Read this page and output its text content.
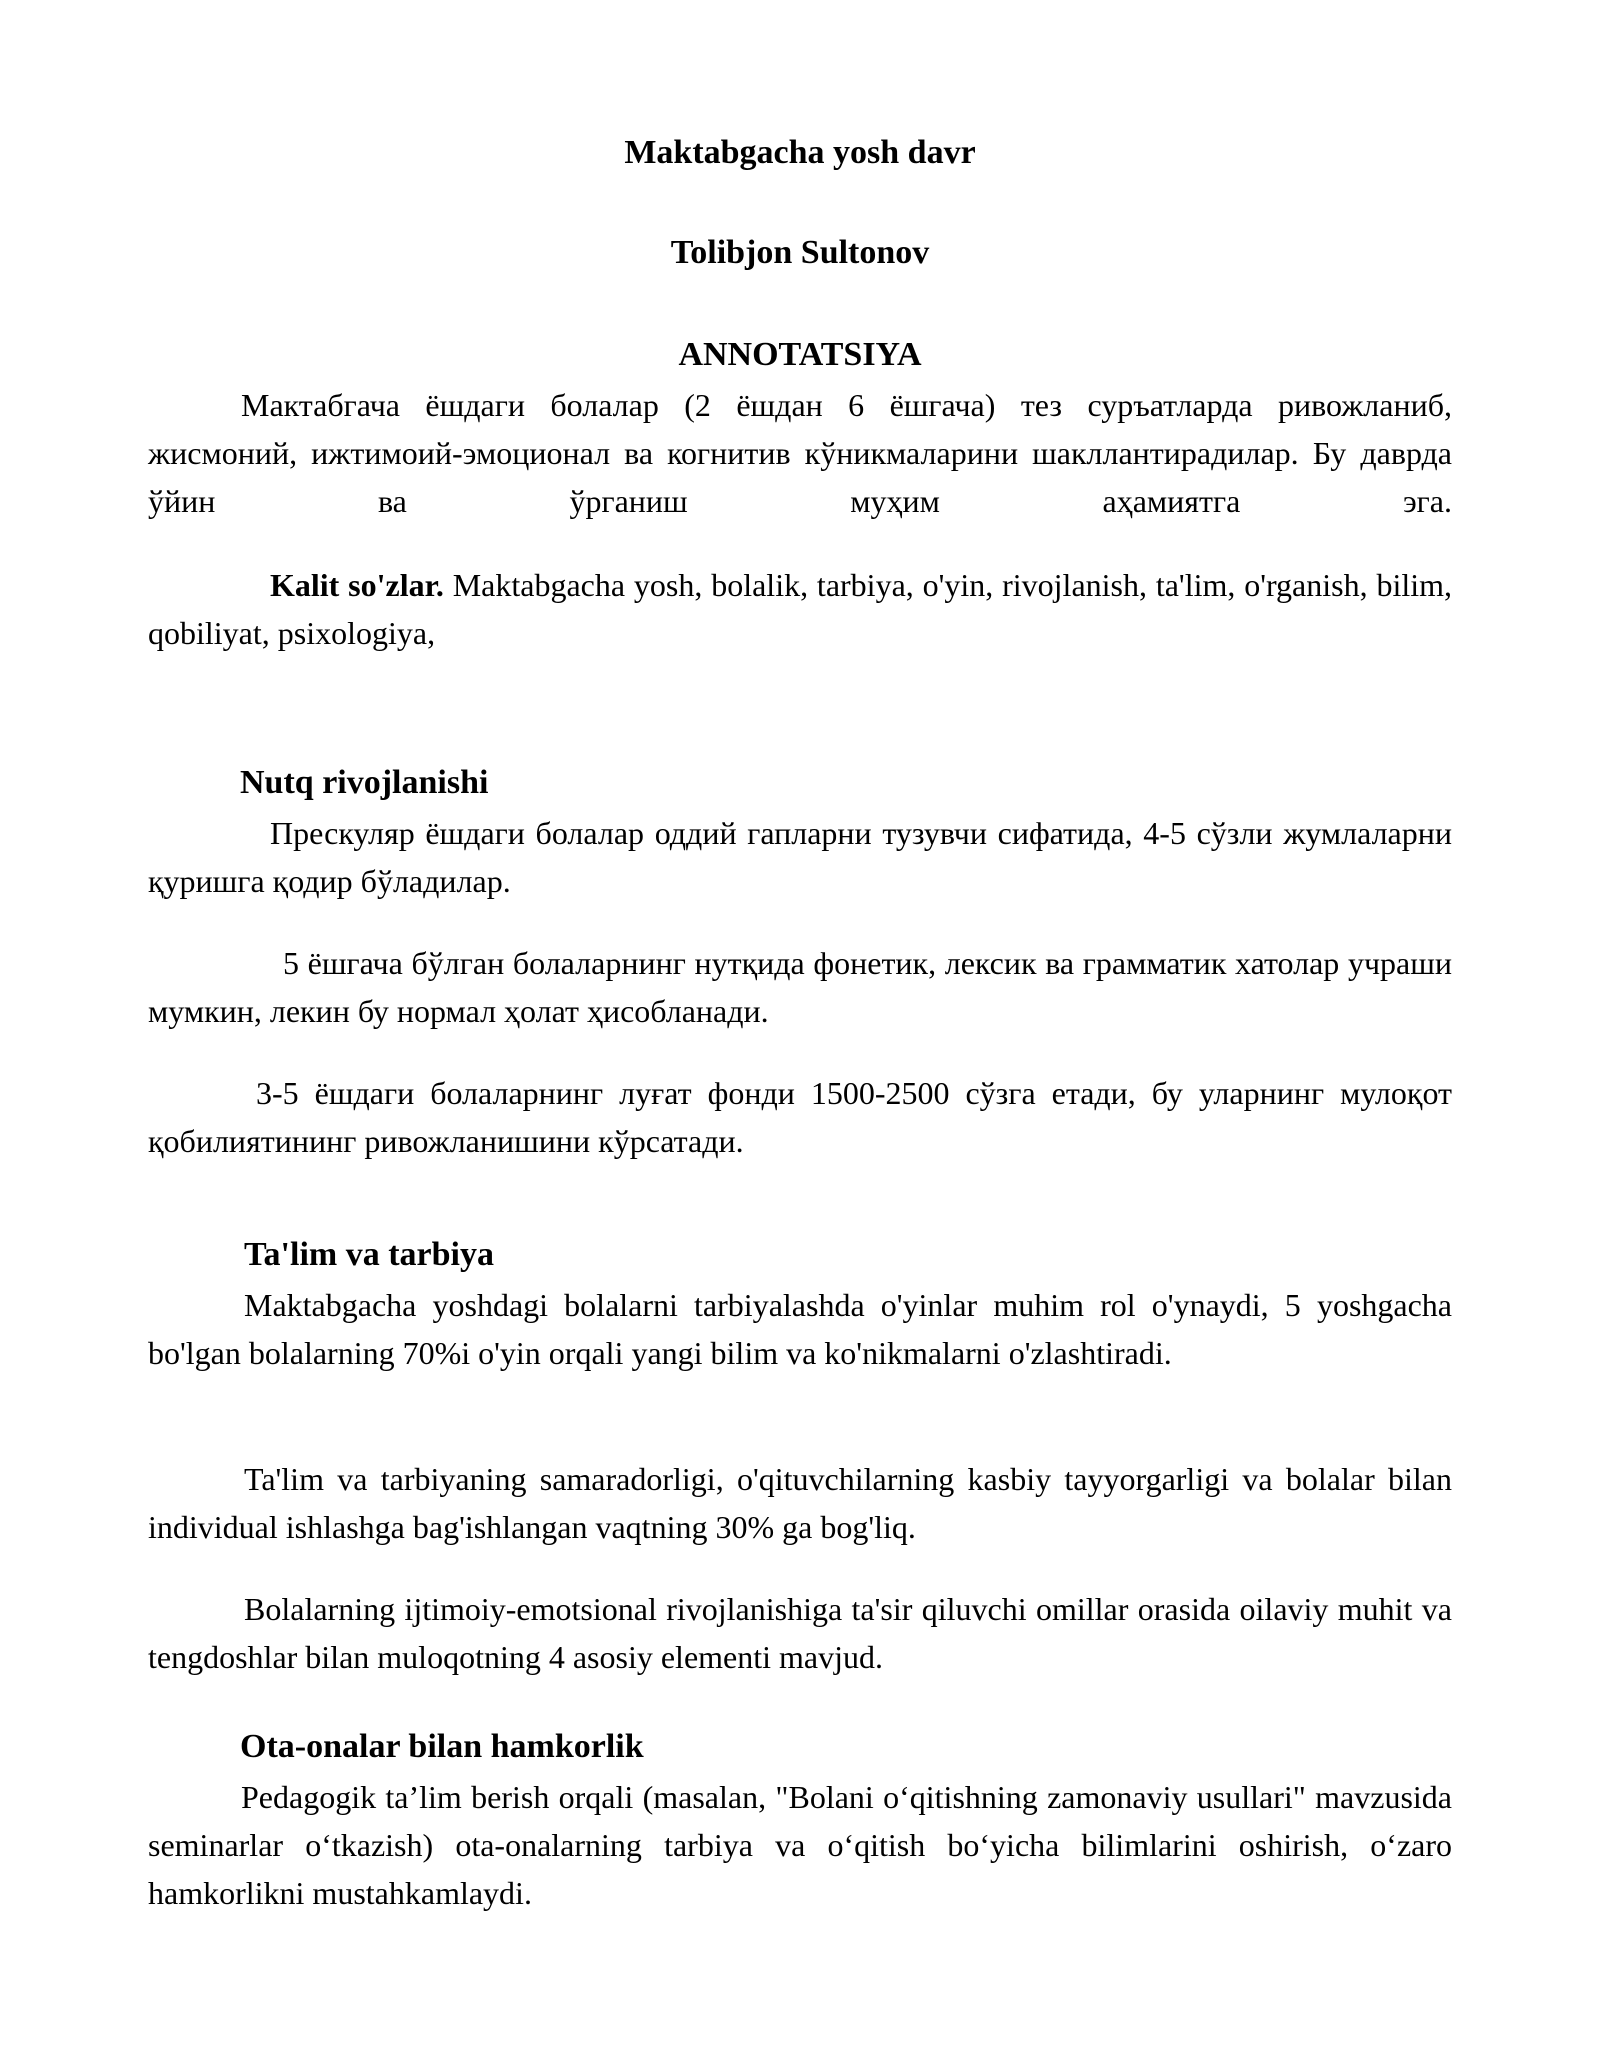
Maktabgacha yosh davr
Tolibjon Sultonov
ANNOTATSIYA

Мактабгача ёшдаги болалар (2 ёшдан 6 ёшгача) тез суръатларда ривожланиб, жисмоний, ижтимоий-эмоционал ва когнитив кўникмаларини шакллантирадилар. Бу даврда ўйин ва ўрганиш муҳим аҳамиятга эга.

Kalit so'zlar. Maktabgacha yosh, bolalik, tarbiya, o'yin, rivojlanish, ta'lim, o'rganish, bilim, qobiliyat, psixologiya,

Nutq rivojlanishi

Прескуляр ёшдаги болалар оддий гапларни тузувчи сифатида, 4-5 сўзли жумлаларни қуришга қодир бўладилар.

5 ёшгача бўлган болаларнинг нутқида фонетик, лексик ва грамматик хатолар учраши мумкин, лекин бу нормал ҳолат ҳисобланади.

3-5 ёшдаги болаларнинг луғат фонди 1500-2500 сўзга етади, бу уларнинг мулоқот қобилиятининг ривожланишини кўрсатади.

Ta'lim va tarbiya

Maktabgacha yoshdagi bolalarni tarbiyalashda o'yinlar muhim rol o'ynaydi, 5 yoshgacha bo'lgan bolalarning 70%i o'yin orqali yangi bilim va ko'nikmalarni o'zlashtiradi.

Ta'lim va tarbiyaning samaradorligi, o'qituvchilarning kasbiy tayyorgarligi va bolalar bilan individual ishlashga bag'ishlangan vaqtning 30% ga bog'liq.

Bolalarning ijtimoiy-emotsional rivojlanishiga ta'sir qiluvchi omillar orasida oilaviy muhit va tengdoshlar bilan muloqotning 4 asosiy elementi mavjud.

Ota-onalar bilan hamkorlik

Pedagogik ta’lim berish orqali (masalan, "Bolani o‘qitishning zamonaviy usullari" mavzusida seminarlar o‘tkazish) ota-onalarning tarbiya va o‘qitish bo‘yicha bilimlarini oshirish, o‘zaro hamkorlikni mustahkamlaydi.
